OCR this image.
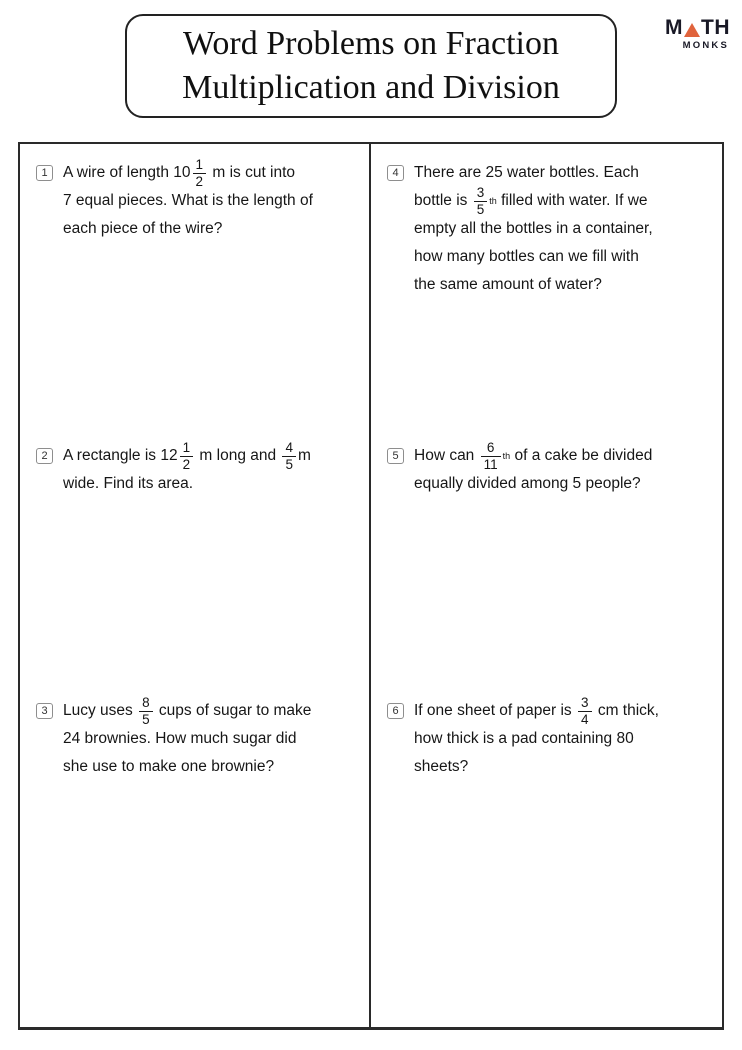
Word Problems on Fraction
Multiplication and Division
M TH
MONKS
1 A wire of length $10 \frac{1}{2}$ m is cut into
7 equal pieces. What is the length of
each piece of the wire?
4 There are 25 water bottles. Each
bottle is $\frac{3}{5}$ th filled with water. If we
empty all the bottles in a container,
how many bottles can we fill with
the same amount of water?
2 A rectangle is $12 \frac{1}{2}$ m long and $\frac{4}{5}$ m
wide. Find its area.
5 How can $\frac{6}{11}$ th of a cake be divided
equally divided among 5 people?
3 Lucy uses $\frac{8}{5}$ cups of sugar to make
24 brownies. How much sugar did
she use to make one brownie?
6 If one sheet of paper is $\frac{3}{4}$ cm thick,
how thick is a pad containing 80
sheets?
